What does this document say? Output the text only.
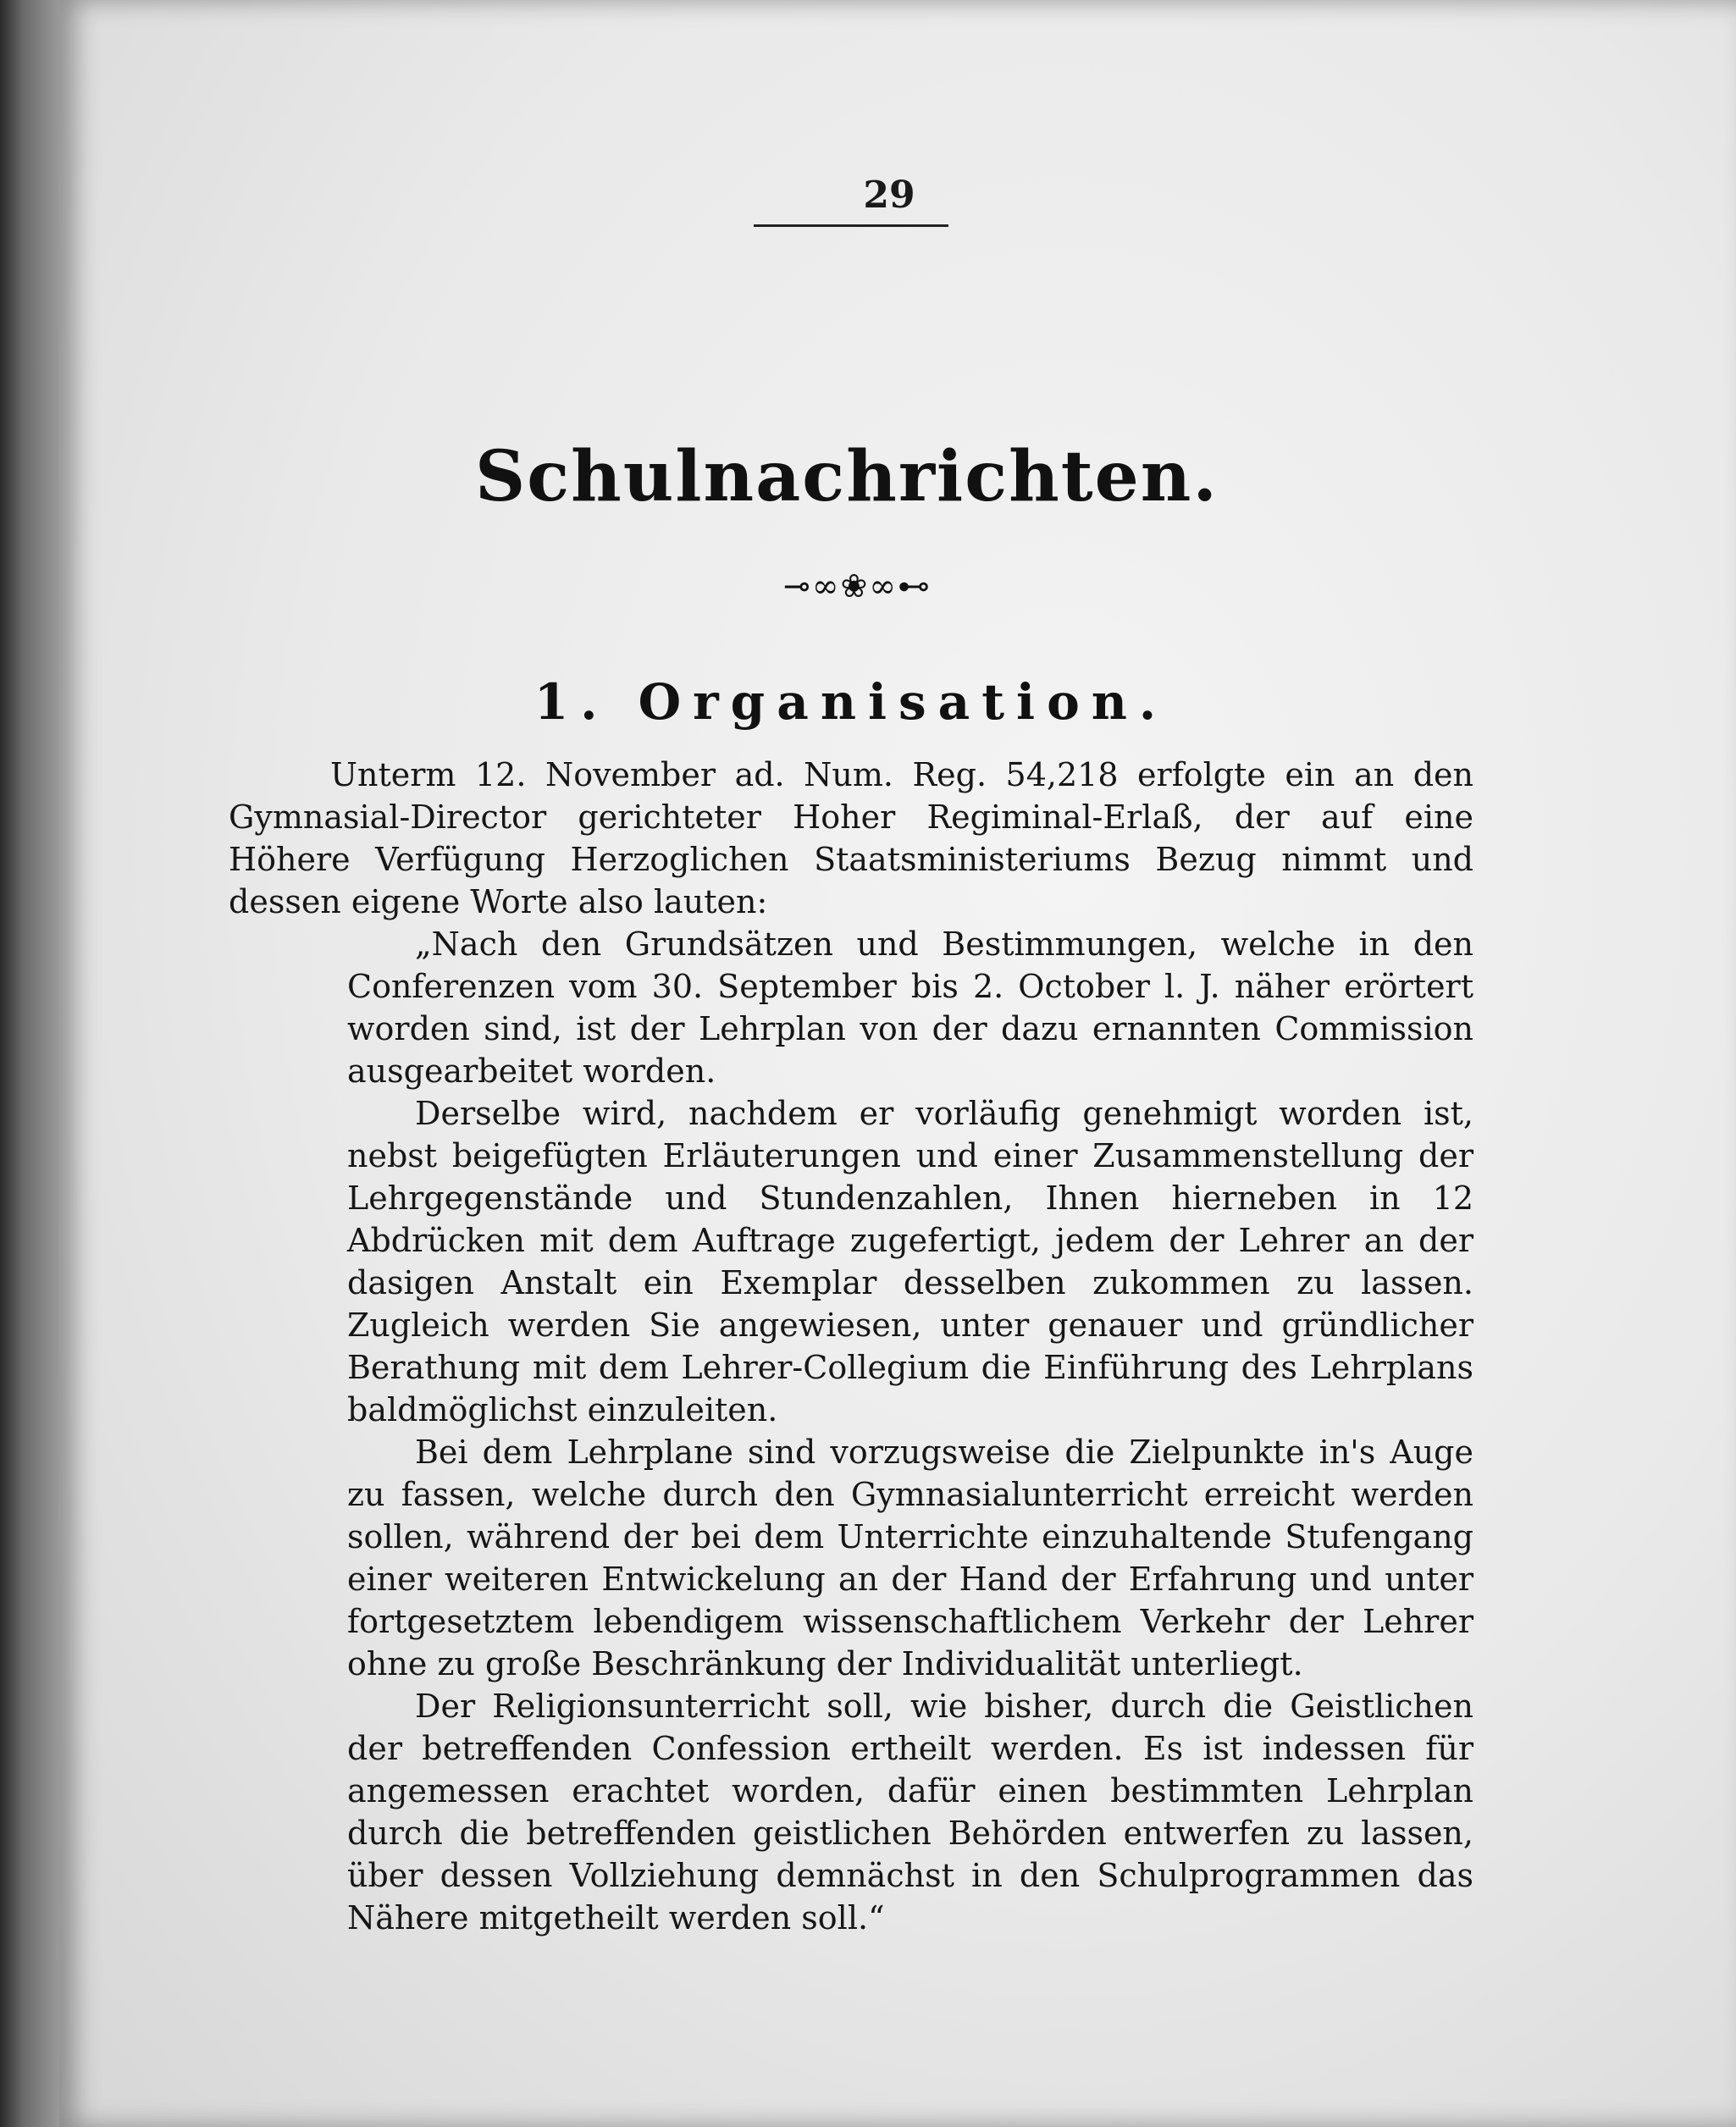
29
Schulnachrichten.
⊸∞❀∞⊷
1. Organisation.

Unterm 12. November ad. Num. Reg. 54,218 erfolgte ein an den Gymnasial-Director gerichteter Hoher Regiminal-Erlaß, der auf eine Höhere Verfügung Herzoglichen Staatsministeriums Bezug nimmt und dessen eigene Worte also lauten:

„Nach den Grundsätzen und Bestimmungen, welche in den Conferenzen vom 30. September bis 2. October l. J. näher erörtert worden sind, ist der Lehrplan von der dazu ernannten Commission ausgearbeitet worden.

Derselbe wird, nachdem er vorläufig genehmigt worden ist, nebst beigefügten Erläuterungen und einer Zusammenstellung der Lehrgegenstände und Stundenzahlen, Ihnen hierneben in 12 Abdrücken mit dem Auftrage zugefertigt, jedem der Lehrer an der dasigen Anstalt ein Exemplar desselben zukommen zu lassen. Zugleich werden Sie angewiesen, unter genauer und gründlicher Berathung mit dem Lehrer-Collegium die Einführung des Lehrplans baldmöglichst einzuleiten.

Bei dem Lehrplane sind vorzugsweise die Zielpunkte in's Auge zu fassen, welche durch den Gymnasialunterricht erreicht werden sollen, während der bei dem Unterrichte einzuhaltende Stufengang einer weiteren Entwickelung an der Hand der Erfahrung und unter fortgesetztem lebendigem wissenschaftlichem Verkehr der Lehrer ohne zu große Beschränkung der Individualität unterliegt.

Der Religionsunterricht soll, wie bisher, durch die Geistlichen der betreffenden Confession ertheilt werden. Es ist indessen für angemessen erachtet worden, dafür einen bestimmten Lehrplan durch die betreffenden geistlichen Behörden entwerfen zu lassen, über dessen Vollziehung demnächst in den Schulprogrammen das Nähere mitgetheilt werden soll.“
